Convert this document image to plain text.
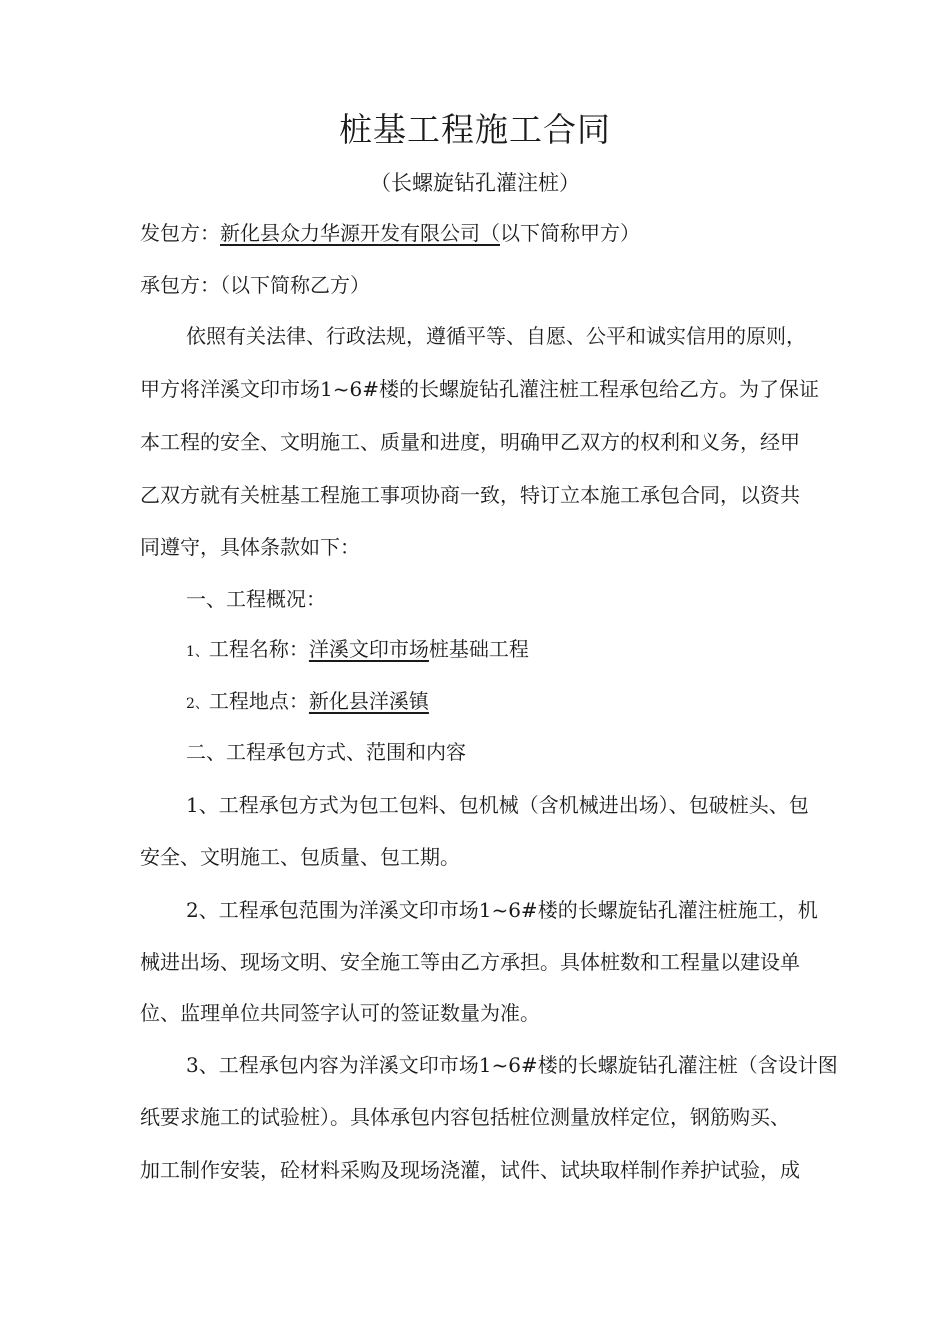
桩基工程施工合同
（长螺旋钻孔灌注桩）
发包方：新化县众力华源开发有限公司（以下简称甲方）
承包方：（以下简称乙方）
依照有关法律、行政法规，遵循平等、自愿、公平和诚实信用的原则，
甲方将洋溪文印市场1~6#楼的长螺旋钻孔灌注桩工程承包给乙方。为了保证
本工程的安全、文明施工、质量和进度，明确甲乙双方的权利和义务，经甲
乙双方就有关桩基工程施工事项协商一致，特订立本施工承包合同，以资共
同遵守，具体条款如下：
一、工程概况：
1、工程名称：洋溪文印市场桩基础工程
2、工程地点：新化县洋溪镇
二、工程承包方式、范围和内容
1、工程承包方式为包工包料、包机械（含机械进出场）、包破桩头、包
安全、文明施工、包质量、包工期。
2、工程承包范围为洋溪文印市场1~6#楼的长螺旋钻孔灌注桩施工，机
械进出场、现场文明、安全施工等由乙方承担。具体桩数和工程量以建设单
位、监理单位共同签字认可的签证数量为准。
3、工程承包内容为洋溪文印市场1~6#楼的长螺旋钻孔灌注桩（含设计图
纸要求施工的试验桩）。具体承包内容包括桩位测量放样定位，钢筋购买、
加工制作安装，砼材料采购及现场浇灌，试件、试块取样制作养护试验，成
